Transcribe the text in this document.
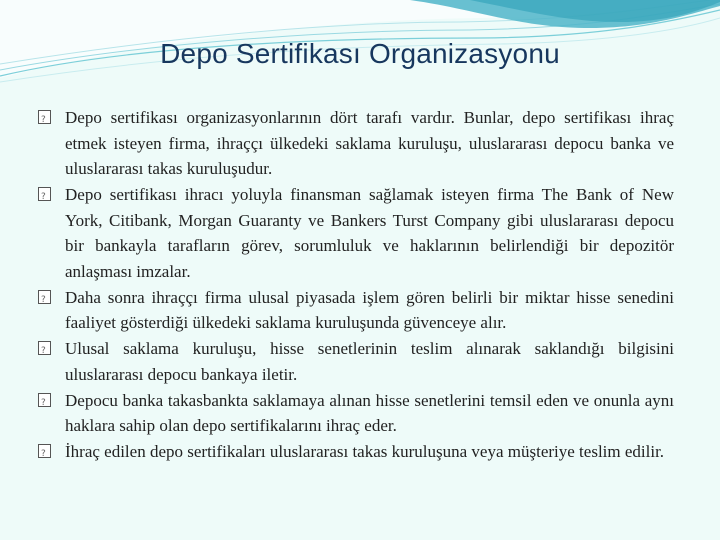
Depo Sertifikası Organizasyonu
?
Depo sertifikası organizasyonlarının dört tarafı vardır. Bunlar, depo sertifikası ihraç etmek isteyen firma, ihraççı ülkedeki saklama kuruluşu, uluslararası depocu banka ve uluslararası takas kuruluşudur.
?
Depo sertifikası ihracı yoluyla finansman sağlamak isteyen firma The Bank of New York, Citibank, Morgan Guaranty ve Bankers Turst Company gibi uluslararası depocu bir bankayla tarafların görev, sorumluluk ve haklarının belirlendiği bir depozitör anlaşması imzalar.
?
Daha sonra ihraççı firma ulusal piyasada işlem gören belirli bir miktar hisse senedini faaliyet gösterdiği ülkedeki saklama kuruluşunda güvenceye alır.
?
Ulusal saklama kuruluşu, hisse senetlerinin teslim alınarak saklandığı bilgisini uluslararası depocu bankaya iletir.
?
Depocu banka takasbankta saklamaya alınan hisse senetlerini temsil eden ve onunla aynı haklara sahip olan depo sertifikalarını ihraç eder.
?
İhraç edilen depo sertifikaları uluslararası takas kuruluşuna veya müşteriye teslim edilir.
